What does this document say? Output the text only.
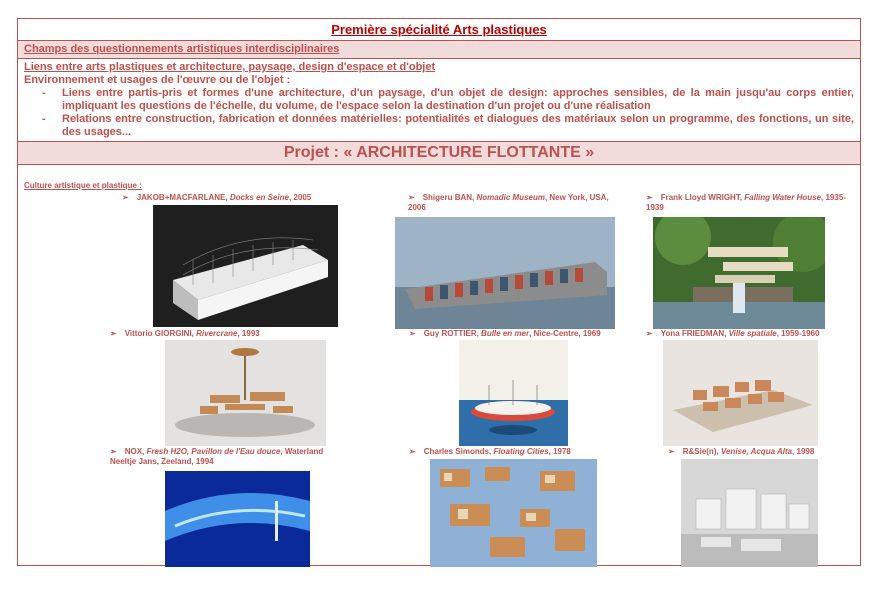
Première spécialité Arts plastiques
Champs des questionnements artistiques interdisciplinaires
Liens entre arts plastiques et architecture, paysage, design d'espace et d'objet
Environnement et usages de l'œuvre ou de l'objet :
-	Liens entre partis-pris et formes d'une architecture, d'un paysage, d'un objet de design: approches sensibles, de la main jusqu'au corps entier, impliquant les questions de l'échelle, du volume, de l'espace selon la destination d'un projet ou d'une réalisation
-	Relations entre construction, fabrication et données matérielles: potentialités et dialogues des matériaux selon un programme, des fonctions, un site, des usages...
Projet : « ARCHITECTURE FLOTTANTE »
Culture artistique et plastique :
➢ JAKOB+MACFARLANE, Docks en Seine, 2005	➢ Shigeru BAN, Nomadic Museum, New York, USA, 2006
➢ Frank Lloyd WRIGHT, Falling Water House, 1935-1939
➢ Vittorio GIORGINI, Rivercrane, 1993	➢ Guy ROTTIER, Bulle en mer, Nice-Centre, 1969	➢ Yona FRIEDMAN, Ville spatiale, 1959-1960
➢ NOX, Fresh H2O, Pavillon de l'Eau douce, Waterland Neeltje Jans, Zeeland, 1994
➢ Charles Simonds, Floating Cities, 1978	➢ R&Sie(n), Venise, Acqua Alta, 1998
